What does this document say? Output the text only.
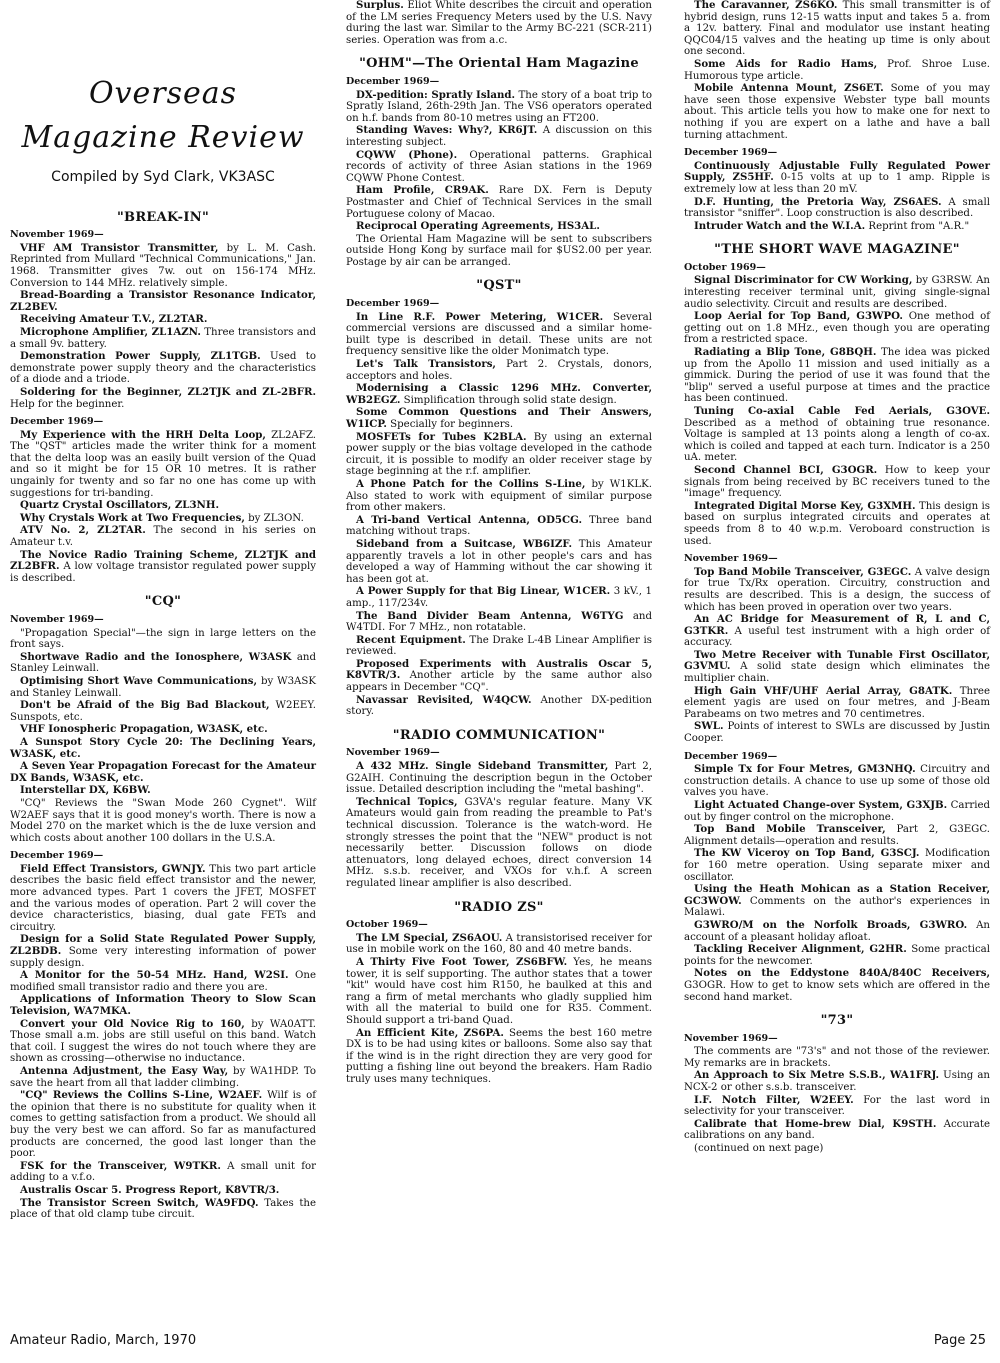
Overseas
Magazine Review
Compiled by Syd Clark, VK3ASC
"BREAK-IN"
November 1969—
VHF AM Transistor Transmitter, by L. M. Cash. Reprinted from Mullard "Technical Communications," Jan. 1968. Transmitter gives 7w. out on 156-174 MHz. Conversion to 144 MHz. relatively simple.
Bread-Boarding a Transistor Resonance Indicator, ZL2BEV.
Receiving Amateur T.V., ZL2TAR.
Microphone Amplifier, ZL1AZN. Three transistors and a small 9v. battery.
Demonstration Power Supply, ZL1TGB. Used to demonstrate power supply theory and the characteristics of a diode and a triode.
Soldering for the Beginner, ZL2TJK and ZL-2BFR. Help for the beginner.
December 1969—
My Experience with the HRH Delta Loop, ZL2AFZ. The "QST" articles made the writer think for a moment that the delta loop was an easily built version of the Quad and so it might be for 15 OR 10 metres. It is rather ungainly for twenty and so far no one has come up with suggestions for tri-banding.
Quartz Crystal Oscillators, ZL3NH.
Why Crystals Work at Two Frequencies, by ZL3ON.
ATV No. 2, ZL2TAR. The second in his series on Amateur t.v.
The Novice Radio Training Scheme, ZL2TJK and ZL2BFR. A low voltage transistor regulated power supply is described.
"CQ"
November 1969—
"Propagation Special"—the sign in large letters on the front says.
Shortwave Radio and the Ionosphere, W3ASK and Stanley Leinwall.
Optimising Short Wave Communications, by W3ASK and Stanley Leinwall.
Don't be Afraid of the Big Bad Blackout, W2EEY. Sunspots, etc.
VHF Ionospheric Propagation, W3ASK, etc.
A Sunspot Story Cycle 20: The Declining Years, W3ASK, etc.
A Seven Year Propagation Forecast for the Amateur DX Bands, W3ASK, etc.
Interstellar DX, K6BW.
"CQ" Reviews the "Swan Mode 260 Cygnet". Wilf W2AEF says that it is good money's worth. There is now a Model 270 on the market which is the de luxe version and which costs about another 100 dollars in the U.S.A.
December 1969—
Field Effect Transistors, GWNJY. This two part article describes the basic field effect transistor and the newer, more advanced types. Part 1 covers the JFET, MOSFET and the various modes of operation. Part 2 will cover the device characteristics, biasing, dual gate FETs and circuitry.
Design for a Solid State Regulated Power Supply, ZL2BDB. Some very interesting information of power supply design.
A Monitor for the 50-54 MHz. Hand, W2SI. One modified small transistor radio and there you are.
Applications of Information Theory to Slow Scan Television, WA7MKA.
Convert your Old Novice Rig to 160, by WA0ATT. Those small a.m. jobs are still useful on this band. Watch that coil. I suggest the wires do not touch where they are shown as crossing—otherwise no inductance.
Antenna Adjustment, the Easy Way, by WA1HDP. To save the heart from all that ladder climbing.
"CQ" Reviews the Collins S-Line, W2AEF. Wilf is of the opinion that there is no substitute for quality when it comes to getting satisfaction from a product. We should all buy the very best we can afford. So far as manufactured products are concerned, the good last longer than the poor.
FSK for the Transceiver, W9TKR. A small unit for adding to a v.f.o.
Australis Oscar 5. Progress Report, K8VTR/3.
The Transistor Screen Switch, WA9FDQ. Takes the place of that old clamp tube circuit.
Surplus. Eliot White describes the circuit and operation of the LM series Frequency Meters used by the U.S. Navy during the last war. Similar to the Army BC-221 (SCR-211) series. Operation was from a.c.
"OHM"—The Oriental Ham Magazine
December 1969—
DX-pedition: Spratly Island. The story of a boat trip to Spratly Island, 26th-29th Jan. The VS6 operators operated on h.f. bands from 80-10 metres using an FT200.
Standing Waves: Why?, KR6JT. A discussion on this interesting subject.
CQWW (Phone). Operational patterns. Graphical records of activity of three Asian stations in the 1969 CQWW Phone Contest.
Ham Profile, CR9AK. Rare DX. Fern is Deputy Postmaster and Chief of Technical Services in the small Portuguese colony of Macao.
Reciprocal Operating Agreements, HS3AL.
The Oriental Ham Magazine will be sent to subscribers outside Hong Kong by surface mail for $US2.00 per year. Postage by air can be arranged.
"QST"
December 1969—
In Line R.F. Power Metering, W1CER. Several commercial versions are discussed and a similar home-built type is described in detail. These units are not frequency sensitive like the older Monimatch type.
Let's Talk Transistors, Part 2. Crystals, donors, acceptors and holes.
Modernising a Classic 1296 MHz. Converter, WB2EGZ. Simplification through solid state design.
Some Common Questions and Their Answers, W1ICP. Specially for beginners.
MOSFETs for Tubes K2BLA. By using an external power supply or the bias voltage developed in the cathode circuit, it is possible to modify an older receiver stage by stage beginning at the r.f. amplifier.
A Phone Patch for the Collins S-Line, by W1KLK. Also stated to work with equipment of similar purpose from other makers.
A Tri-band Vertical Antenna, OD5CG. Three band matching without traps.
Sideband from a Suitcase, WB6IZF. This Amateur apparently travels a lot in other people's cars and has developed a way of Hamming without the car showing it has been got at.
A Power Supply for that Big Linear, W1CER. 3 kV., 1 amp., 117/234v.
The Band Divider Beam Antenna, W6TYG and W4TDI. For 7 MHz., non rotatable.
Recent Equipment. The Drake L-4B Linear Amplifier is reviewed.
Proposed Experiments with Australis Oscar 5, K8VTR/3. Another article by the same author also appears in December "CQ".
Navassar Revisited, W4QCW. Another DX-pedition story.
"RADIO COMMUNICATION"
November 1969—
A 432 MHz. Single Sideband Transmitter, Part 2, G2AIH. Continuing the description begun in the October issue. Detailed description including the "metal bashing".
Technical Topics, G3VA's regular feature. Many VK Amateurs would gain from reading the preamble to Pat's technical discussion. Tolerance is the watch-word. He strongly stresses the point that the "NEW" product is not necessarily better. Discussion follows on diode attenuators, long delayed echoes, direct conversion 14 MHz. s.s.b. receiver, and VXOs for v.h.f. A screen regulated linear amplifier is also described.
"RADIO ZS"
October 1969—
The LM Special, ZS6AOU. A transistorised receiver for use in mobile work on the 160, 80 and 40 metre bands.
A Thirty Five Foot Tower, ZS6BFW. Yes, he means tower, it is self supporting. The author states that a tower "kit" would have cost him R150, he baulked at this and rang a firm of metal merchants who gladly supplied him with all the material to build one for R35. Comment. Should support a tri-band Quad.
An Efficient Kite, ZS6PA. Seems the best 160 metre DX is to be had using kites or balloons. Some also say that if the wind is in the right direction they are very good for putting a fishing line out beyond the breakers. Ham Radio truly uses many techniques.
The Caravanner, ZS6KO. This small transmitter is of hybrid design, runs 12-15 watts input and takes 5 a. from a 12v. battery. Final and modulator use instant heating QQC04/15 valves and the heating up time is only about one second.
Some Aids for Radio Hams, Prof. Shroe Luse. Humorous type article.
Mobile Antenna Mount, ZS6ET. Some of you may have seen those expensive Webster type ball mounts about. This article tells you how to make one for next to nothing if you are expert on a lathe and have a ball turning attachment.
December 1969—
Continuously Adjustable Fully Regulated Power Supply, ZS5HF. 0-15 volts at up to 1 amp. Ripple is extremely low at less than 20 mV.
D.F. Hunting, the Pretoria Way, ZS6AES. A small transistor "sniffer". Loop construction is also described.
Intruder Watch and the W.I.A. Reprint from "A.R."
"THE SHORT WAVE MAGAZINE"
October 1969—
Signal Discriminator for CW Working, by G3RSW. An interesting receiver terminal unit, giving single-signal audio selectivity. Circuit and results are described.
Loop Aerial for Top Band, G3WPO. One method of getting out on 1.8 MHz., even though you are operating from a restricted space.
Radiating a Blip Tone, G8BQH. The idea was picked up from the Apollo 11 mission and used initially as a gimmick. During the period of use it was found that the "blip" served a useful purpose at times and the practice has been continued.
Tuning Co-axial Cable Fed Aerials, G3OVE. Described as a method of obtaining true resonance. Voltage is sampled at 13 points along a length of co-ax. which is coiled and tapped at each turn. Indicator is a 250 uA. meter.
Second Channel BCI, G3OGR. How to keep your signals from being received by BC receivers tuned to the "image" frequency.
Integrated Digital Morse Key, G3XMH. This design is based on surplus integrated circuits and operates at speeds from 8 to 40 w.p.m. Veroboard construction is used.
November 1969—
Top Band Mobile Transceiver, G3EGC. A valve design for true Tx/Rx operation. Circuitry, construction and results are described. This is a design, the success of which has been proved in operation over two years.
An AC Bridge for Measurement of R, L and C, G3TKR. A useful test instrument with a high order of accuracy.
Two Metre Receiver with Tunable First Oscillator, G3VMU. A solid state design which eliminates the multiplier chain.
High Gain VHF/UHF Aerial Array, G8ATK. Three element yagis are used on four metres, and J-Beam Parabeams on two metres and 70 centimetres.
SWL. Points of interest to SWLs are discussed by Justin Cooper.
December 1969—
Simple Tx for Four Metres, GM3NHQ. Circuitry and construction details. A chance to use up some of those old valves you have.
Light Actuated Change-over System, G3XJB. Carried out by finger control on the microphone.
Top Band Mobile Transceiver, Part 2, G3EGC. Alignment details—operation and results.
The KW Viceroy on Top Band, G3SCJ. Modification for 160 metre operation. Using separate mixer and oscillator.
Using the Heath Mohican as a Station Receiver, GC3WOW. Comments on the author's experiences in Malawi.
G3WRO/M on the Norfolk Broads, G3WRO. An account of a pleasant holiday afloat.
Tackling Receiver Alignment, G2HR. Some practical points for the newcomer.
Notes on the Eddystone 840A/840C Receivers, G3OGR. How to get to know sets which are offered in the second hand market.
"73"
November 1969—
The comments are "73's" and not those of the reviewer. My remarks are in brackets.
An Approach to Six Metre S.S.B., WA1FRJ. Using an NCX-2 or other s.s.b. transceiver.
I.F. Notch Filter, W2EEY. For the last word in selectivity for your transceiver.
Calibrate that Home-brew Dial, K9STH. Accurate calibrations on any band.
(continued on next page)
Amateur Radio, March, 1970	Page 25
